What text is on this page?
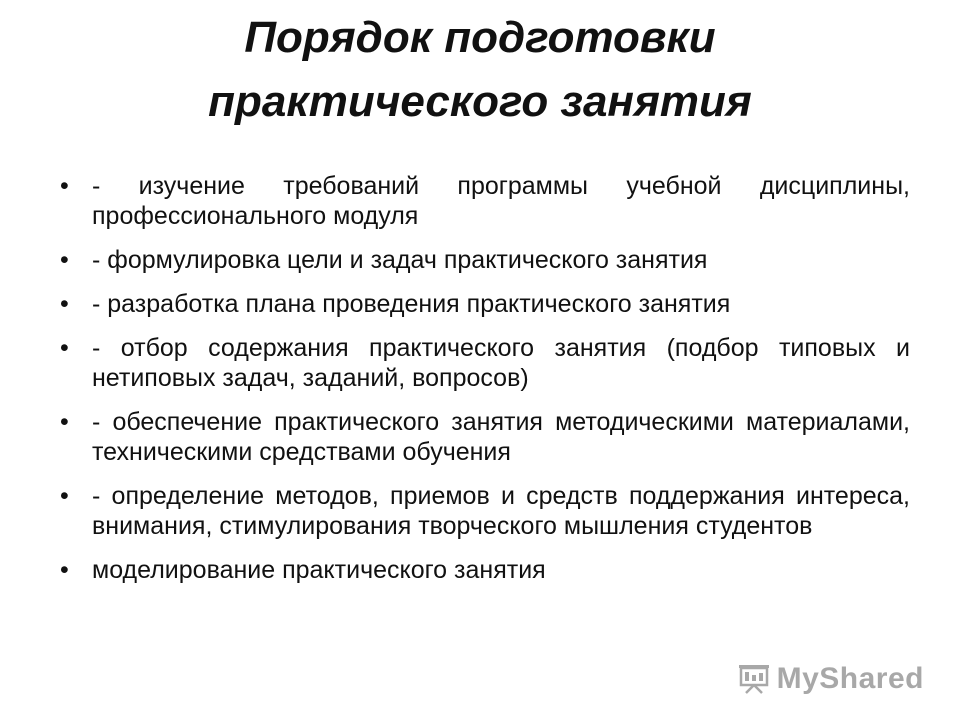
Порядок подготовки
практического занятия
• - изучение требований программы учебной дисциплины, профессионального модуля
• - формулировка цели и задач практического занятия
• - разработка плана проведения практического занятия
• - отбор содержания практического занятия (подбор типовых и нетиповых задач, заданий, вопросов)
• - обеспечение практического занятия методическими материалами, техническими средствами обучения
• - определение методов, приемов и средств поддержания интереса, внимания, стимулирования творческого мышления студентов
• моделирование практического занятия
MyShared
